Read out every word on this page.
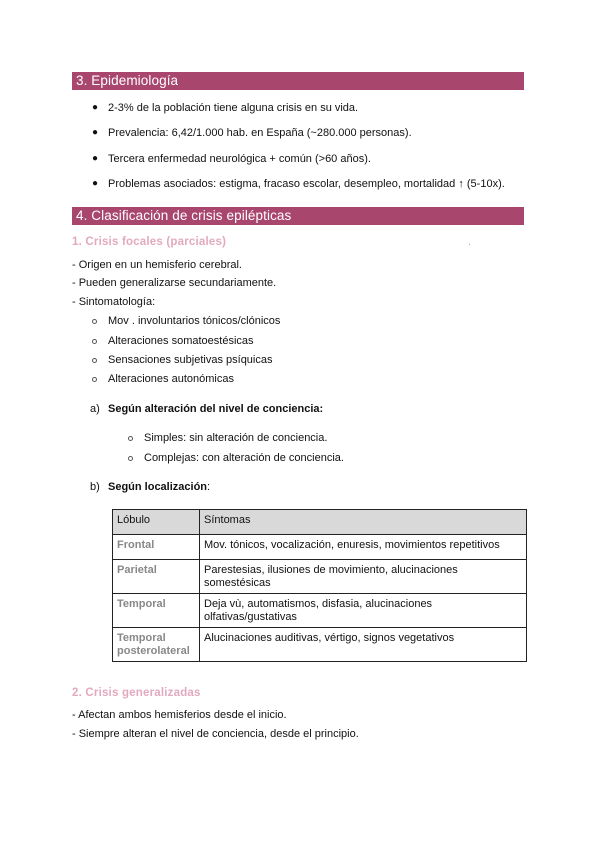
3. Epidemiología
● 2-3% de la población tiene alguna crisis en su vida.
● Prevalencia: 6,42/1.000 hab. en España (~280.000 personas).
● Tercera enfermedad neurológica + común (>60 años).
● Problemas asociados: estigma, fracaso escolar, desempleo, mortalidad ↑ (5-10x).
4. Clasificación de crisis epilépticas
1. Crisis focales (parciales)	.
- Origen en un hemisferio cerebral.
- Pueden generalizarse secundariamente.
- Sintomatología:
Mov . involuntarios tónicos/clónicos
Alteraciones somatoestésicas
Sensaciones subjetivas psíquicas
Alteraciones autonómicas
a) Según alteración del nivel de conciencia:
Simples: sin alteración de conciencia.
Complejas: con alteración de conciencia.
b) Según localización:
Lóbulo	Síntomas
Frontal	Mov. tónicos, vocalización, enuresis, movimientos repetitivos
Parietal	Parestesias, ilusiones de movimiento, alucinaciones somestésicas
Temporal	Deja vù, automatismos, disfasia, alucinaciones olfativas/gustativas
Temporal posterolateral	Alucinaciones auditivas, vértigo, signos vegetativos
2. Crisis generalizadas
- Afectan ambos hemisferios desde el inicio.
- Siempre alteran el nivel de conciencia, desde el principio.
